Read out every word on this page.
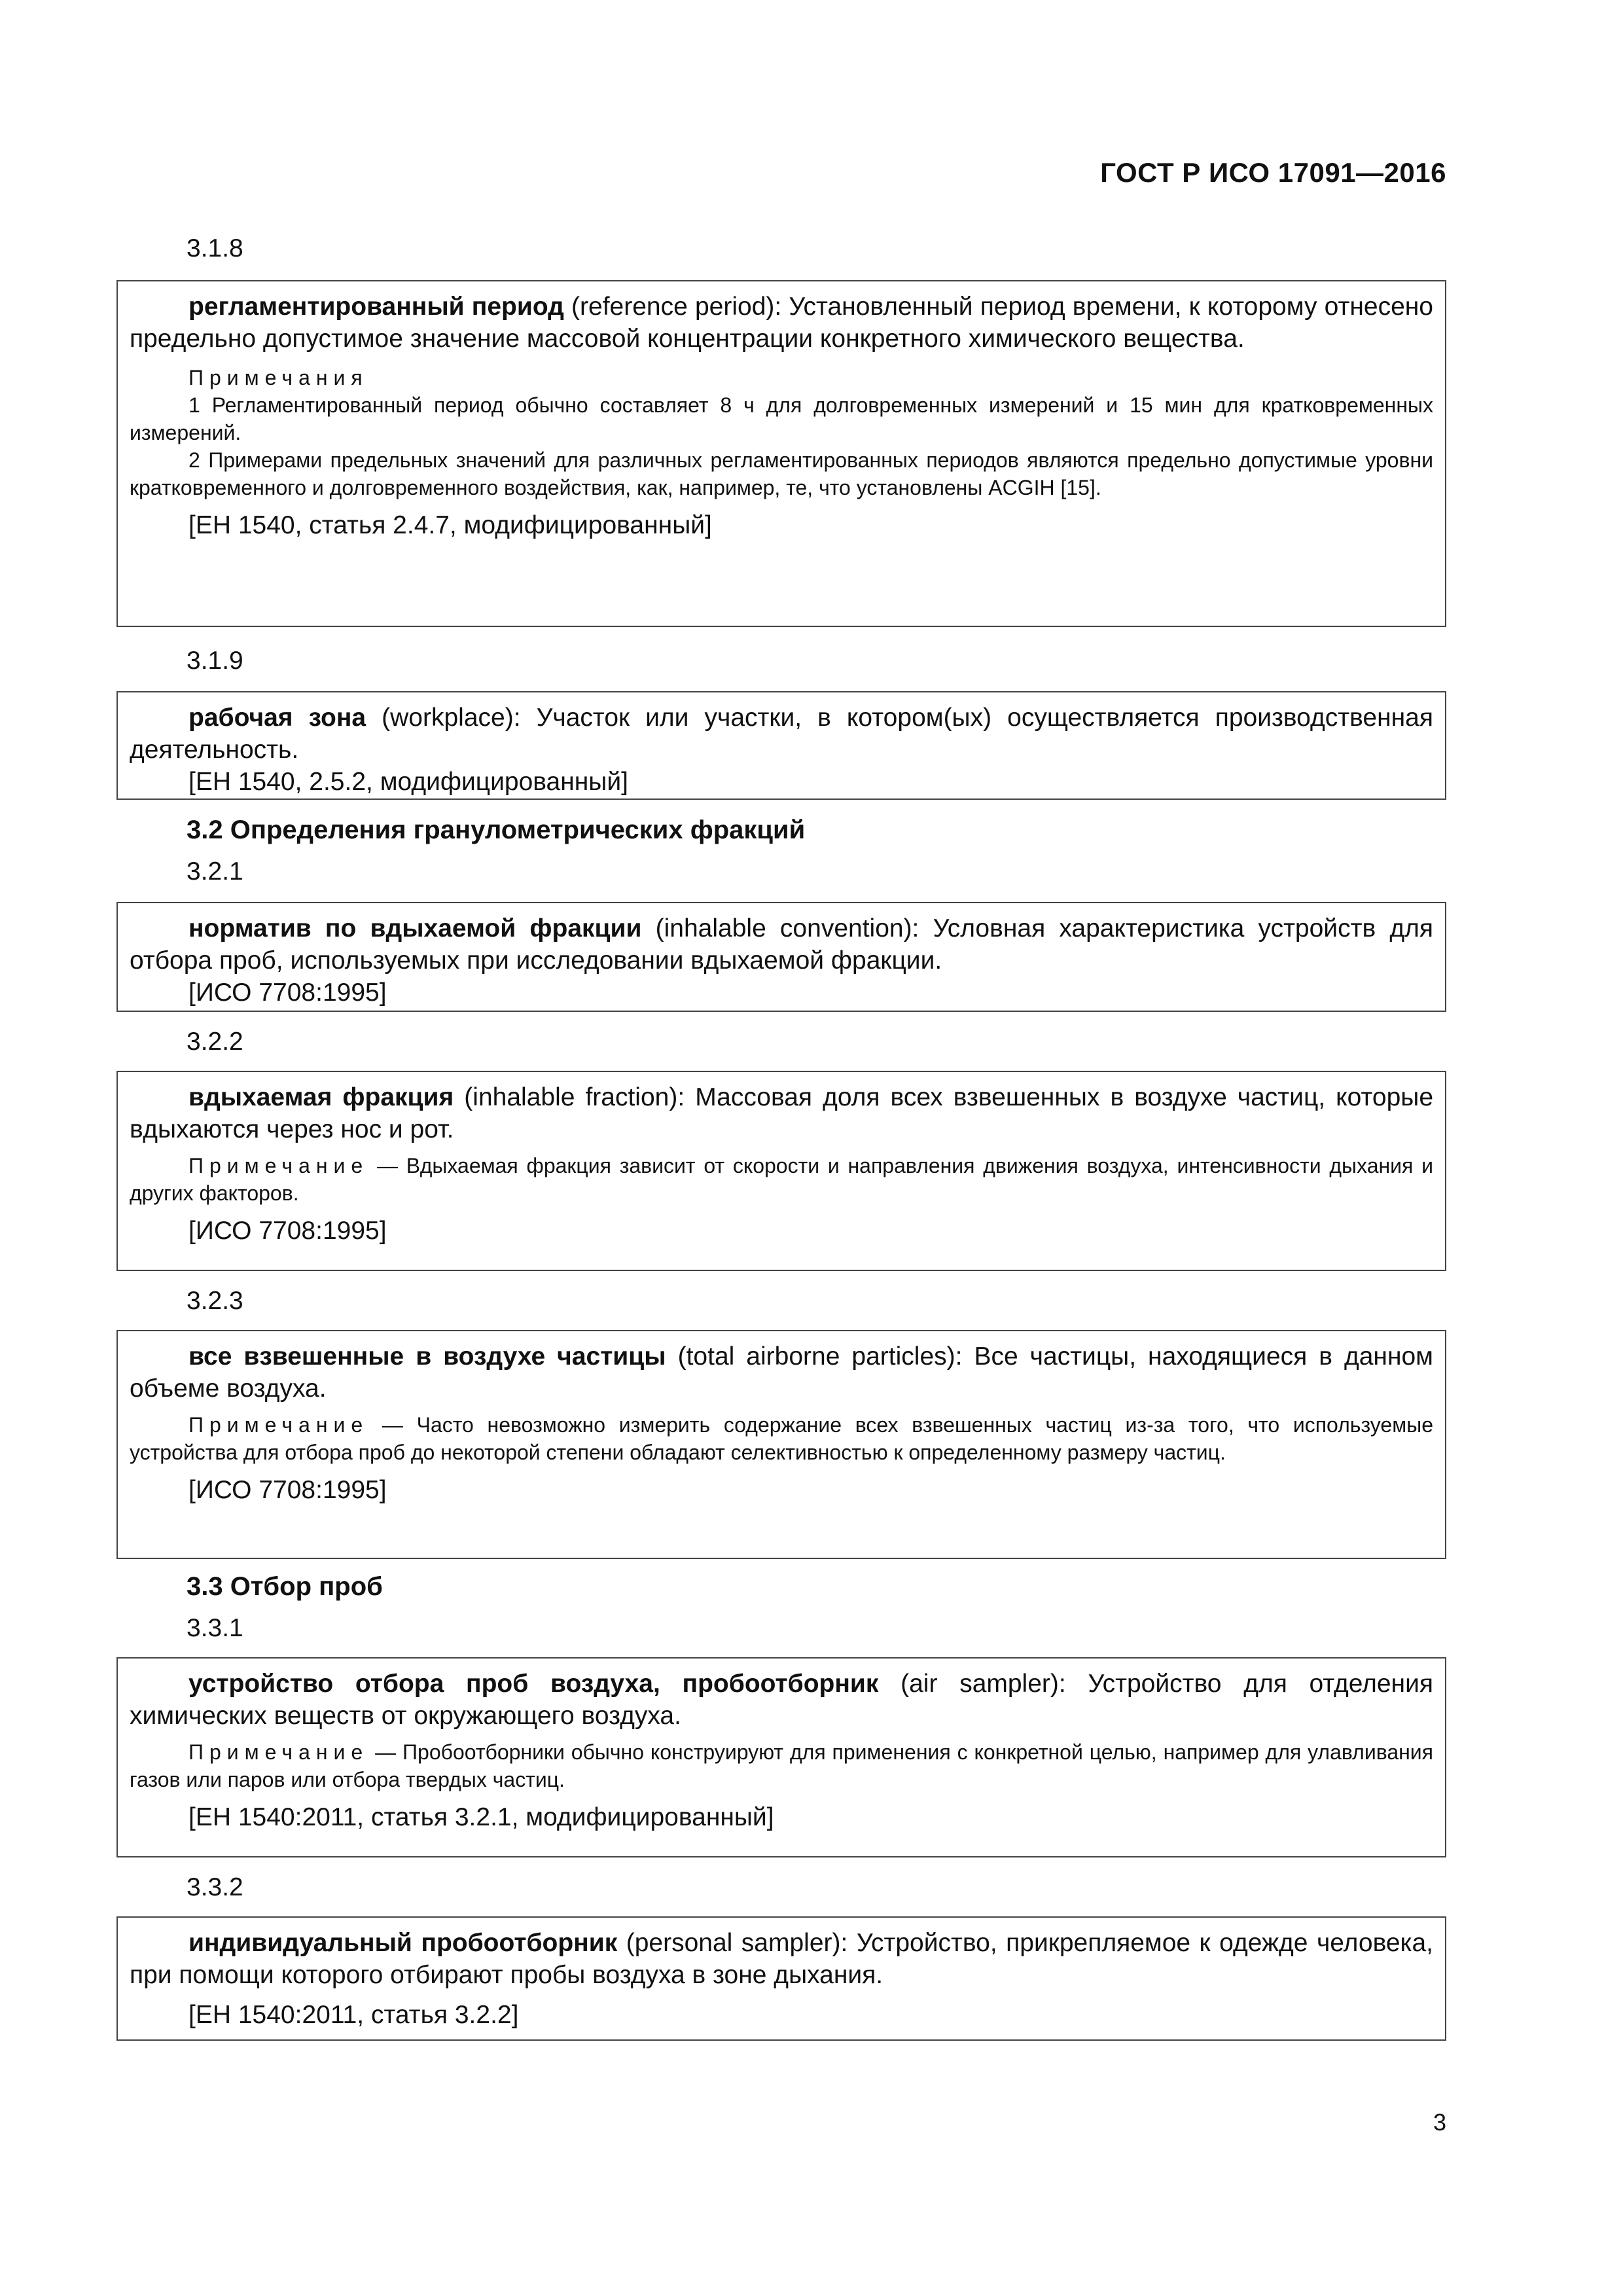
ГОСТ Р ИСО 17091—2016
3.1.8

регламентированный период (reference period): Установленный период времени, к которому отнесено предельно допустимое значение массовой концентрации конкретного химического вещества.

Примечания

1 Регламентированный период обычно составляет 8 ч для долговременных измерений и 15 мин для кратковременных измерений.

2 Примерами предельных значений для различных регламентированных периодов являются предельно допустимые уровни кратковременного и долговременного воздействия, как, например, те, что установлены ACGIH [15].

[ЕН 1540, статья 2.4.7, модифицированный]

3.1.9

рабочая зона (workplace): Участок или участки, в котором(ых) осуществляется производственная деятельность.

[ЕН 1540, 2.5.2, модифицированный]

3.2 Определения гранулометрических фракций
3.2.1

норматив по вдыхаемой фракции (inhalable convention): Условная характеристика устройств для отбора проб, используемых при исследовании вдыхаемой фракции.

[ИСО 7708:1995]

3.2.2

вдыхаемая фракция (inhalable fraction): Массовая доля всех взвешенных в воздухе частиц, которые вдыхаются через нос и рот.

Примечание — Вдыхаемая фракция зависит от скорости и направления движения воздуха, интенсивности дыхания и других факторов.

[ИСО 7708:1995]

3.2.3

все взвешенные в воздухе частицы (total airborne particles): Все частицы, находящиеся в данном объеме воздуха.

Примечание — Часто невозможно измерить содержание всех взвешенных частиц из-за того, что используемые устройства для отбора проб до некоторой степени обладают селективностью к определенному размеру частиц.

[ИСО 7708:1995]

3.3 Отбор проб
3.3.1

устройство отбора проб воздуха, пробоотборник (air sampler): Устройство для отделения химических веществ от окружающего воздуха.

Примечание — Пробоотборники обычно конструируют для применения с конкретной целью, например для улавливания газов или паров или отбора твердых частиц.

[ЕН 1540:2011, статья 3.2.1, модифицированный]

3.3.2

индивидуальный пробоотборник (personal sampler): Устройство, прикрепляемое к одежде человека, при помощи которого отбирают пробы воздуха в зоне дыхания.

[ЕН 1540:2011, статья 3.2.2]

3
